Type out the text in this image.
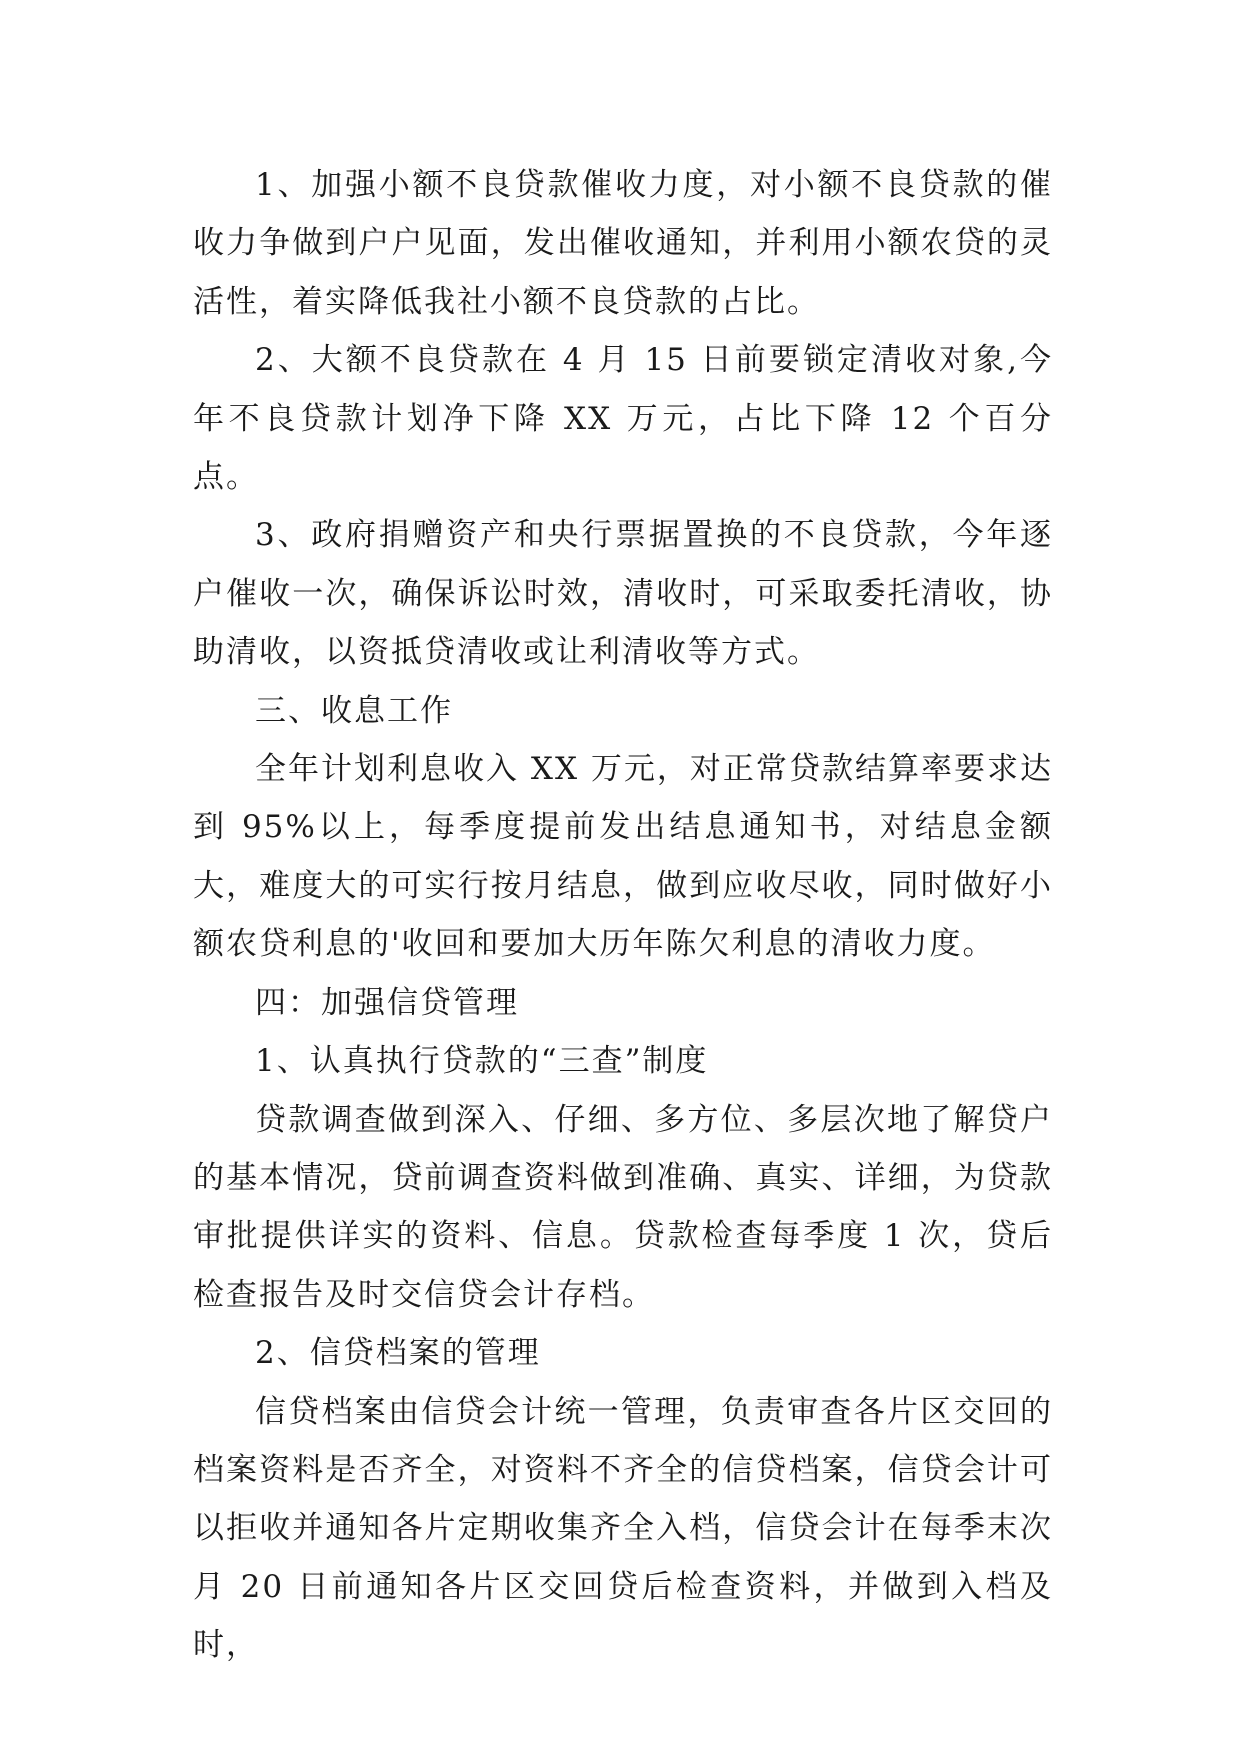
1、加强小额不良贷款催收力度，对小额不良贷款的催收力争做到户户见面，发出催收通知，并利用小额农贷的灵活性，着实降低我社小额不良贷款的占比。

2、大额不良贷款在 4 月 15 日前要锁定清收对象,今年不良贷款计划净下降 XX 万元，占比下降 12 个百分点。

3、政府捐赠资产和央行票据置换的不良贷款，今年逐户催收一次，确保诉讼时效，清收时，可采取委托清收，协助清收，以资抵贷清收或让利清收等方式。

三、收息工作

全年计划利息收入 XX 万元，对正常贷款结算率要求达到 95%以上，每季度提前发出结息通知书，对结息金额大，难度大的可实行按月结息，做到应收尽收，同时做好小额农贷利息的'收回和要加大历年陈欠利息的清收力度。

四：加强信贷管理

1、认真执行贷款的“三查”制度

贷款调查做到深入、仔细、多方位、多层次地了解贷户的基本情况，贷前调查资料做到准确、真实、详细，为贷款审批提供详实的资料、信息。贷款检查每季度 1 次，贷后检查报告及时交信贷会计存档。

2、信贷档案的管理

信贷档案由信贷会计统一管理，负责审查各片区交回的档案资料是否齐全，对资料不齐全的信贷档案，信贷会计可以拒收并通知各片定期收集齐全入档，信贷会计在每季末次月 20 日前通知各片区交回贷后检查资料，并做到入档及时，
